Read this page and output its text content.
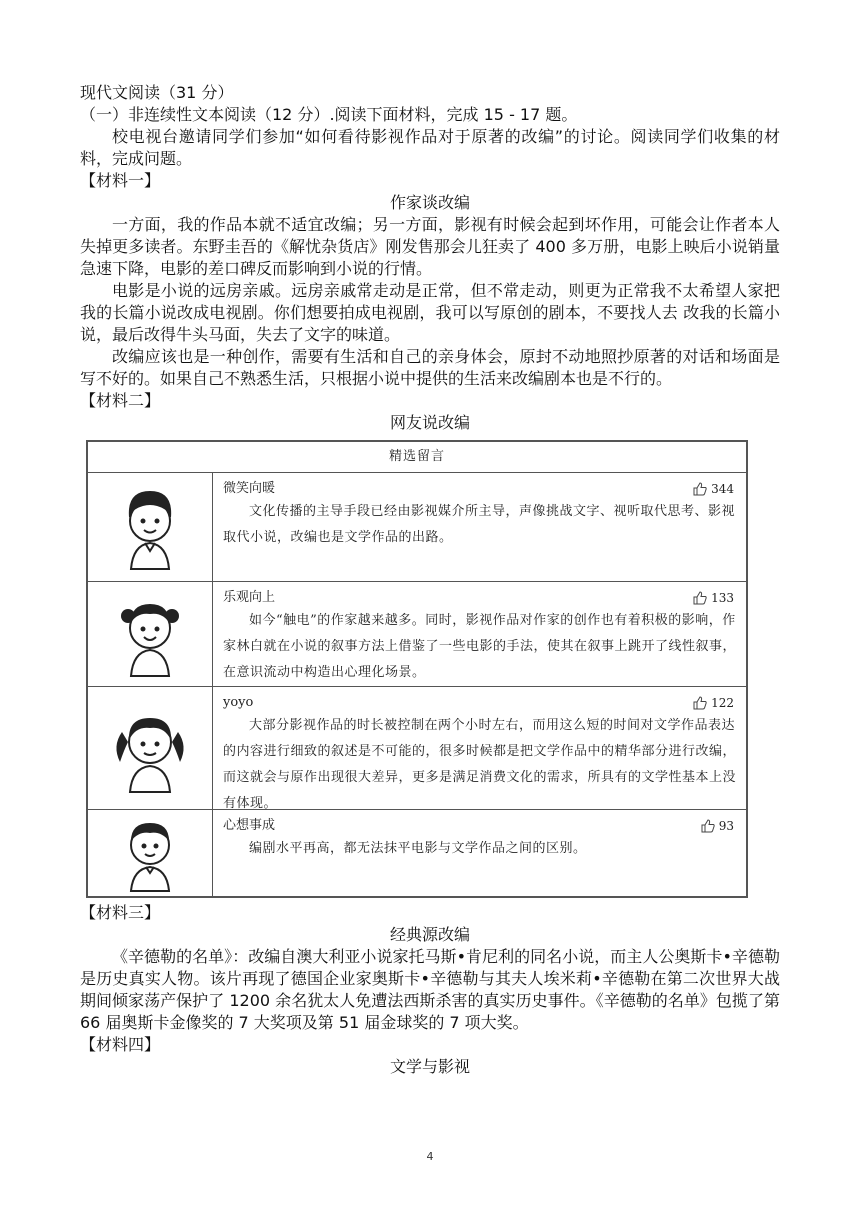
现代文阅读（31 分）
（一）非连续性文本阅读（12 分）.阅读下面材料，完成 15 - 17 题。
校电视台邀请同学们参加“如何看待影视作品对于原著的改编”的讨论。阅读同学们收集的材料，完成问题。
【材料一】
作家谈改编
一方面，我的作品本就不适宜改编；另一方面，影视有时候会起到坏作用，可能会让作者本人失掉更多读者。东野圭吾的《解忧杂货店》刚发售那会儿狂卖了 400 多万册，电影上映后小说销量急速下降，电影的差口碑反而影响到小说的行情。
电影是小说的远房亲戚。远房亲戚常走动是正常，但不常走动，则更为正常我不太希望人家把我的长篇小说改成电视剧。你们想要拍成电视剧，我可以写原创的剧本，不要找人去 改我的长篇小说，最后改得牛头马面，失去了文字的味道。
改编应该也是一种创作，需要有生活和自己的亲身体会，原封不动地照抄原著的对话和场面是写不好的。如果自己不熟悉生活，只根据小说中提供的生活来改编剧本也是不行的。
【材料二】
网友说改编
精选留言
微笑向暖	344
文化传播的主导手段已经由影视媒介所主导，声像挑战文字、视听取代思考、影视取代小说，改编也是文学作品的出路。
乐观向上	133
如今“触电”的作家越来越多。同时，影视作品对作家的创作也有着积极的影响，作家林白就在小说的叙事方法上借鉴了一些电影的手法，使其在叙事上跳开了线性叙事，在意识流动中构造出心理化场景。
yoyo	122
大部分影视作品的时长被控制在两个小时左右，而用这么短的时间对文学作品表达的内容进行细致的叙述是不可能的，很多时候都是把文学作品中的精华部分进行改编，而这就会与原作出现很大差异，更多是满足消费文化的需求，所具有的文学性基本上没有体现。
心想事成	93
编剧水平再高，都无法抹平电影与文学作品之间的区别。
【材料三】
经典源改编
《辛德勒的名单》：改编自澳大利亚小说家托马斯•肯尼利的同名小说，而主人公奥斯卡•辛德勒是历史真实人物。该片再现了德国企业家奥斯卡•辛德勒与其夫人埃米莉•辛德勒在第二次世界大战期间倾家荡产保护了 1200 余名犹太人免遭法西斯杀害的真实历史事件。《辛德勒的名单》包揽了第 66 届奥斯卡金像奖的 7 大奖项及第 51 届金球奖的 7 项大奖。
【材料四】
文学与影视
4
